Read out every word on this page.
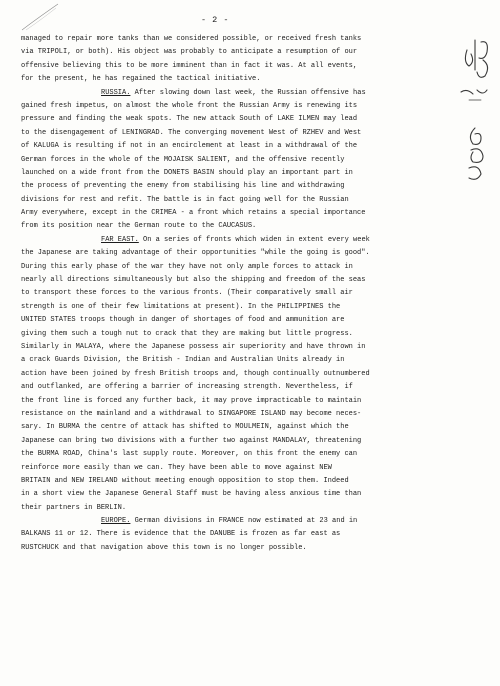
- 2 -
managed to repair more tanks than we considered possible, or received fresh tanks
via TRIPOLI, or both). His object was probably to anticipate a resumption of our
offensive believing this to be more imminent than in fact it was. At all events,
for the present, he has regained the tactical initiative.
RUSSIA. After slowing down last week, the Russian offensive has
gained fresh impetus, on almost the whole front the Russian Army is renewing its
pressure and finding the weak spots. The new attack South of LAKE ILMEN may lead
to the disengagement of LENINGRAD. The converging movement West of RZHEV and West
of KALUGA is resulting if not in an encirclement at least in a withdrawal of the
German forces in the whole of the MOJAISK SALIENT, and the offensive recently
launched on a wide front from the DONETS BASIN should play an important part in
the process of preventing the enemy from stabilising his line and withdrawing
divisions for rest and refit. The battle is in fact going well for the Russian
Army everywhere, except in the CRIMEA - a front which retains a special importance
from its position near the German route to the CAUCASUS.
FAR EAST. On a series of fronts which widen in extent every week
the Japanese are taking advantage of their opportunities "while the going is good".
During this early phase of the war they have not only ample forces to attack in
nearly all directions simultaneously but also the shipping and freedom of the seas
to transport these forces to the various fronts. (Their comparatively small air
strength is one of their few limitations at present). In the PHILIPPINES the
UNITED STATES troops though in danger of shortages of food and ammunition are
giving them such a tough nut to crack that they are making but little progress.
Similarly in MALAYA, where the Japanese possess air superiority and have thrown in
a crack Guards Division, the British - Indian and Australian Units already in
action have been joined by fresh British troops and, though continually outnumbered
and outflanked, are offering a barrier of increasing strength. Nevertheless, if
the front line is forced any further back, it may prove impracticable to maintain
resistance on the mainland and a withdrawal to SINGAPORE ISLAND may become neces-
sary. In BURMA the centre of attack has shifted to MOULMEIN, against which the
Japanese can bring two divisions with a further two against MANDALAY, threatening
the BURMA ROAD, China's last supply route. Moreover, on this front the enemy can
reinforce more easily than we can. They have been able to move against NEW
BRITAIN and NEW IRELAND without meeting enough opposition to stop them. Indeed
in a short view the Japanese General Staff must be having aless anxious time than
their partners in BERLIN.
EUROPE. German divisions in FRANCE now estimated at 23 and in
BALKANS 11 or 12. There is evidence that the DANUBE is frozen as far east as
RUSTCHUCK and that navigation above this town is no longer possible.
